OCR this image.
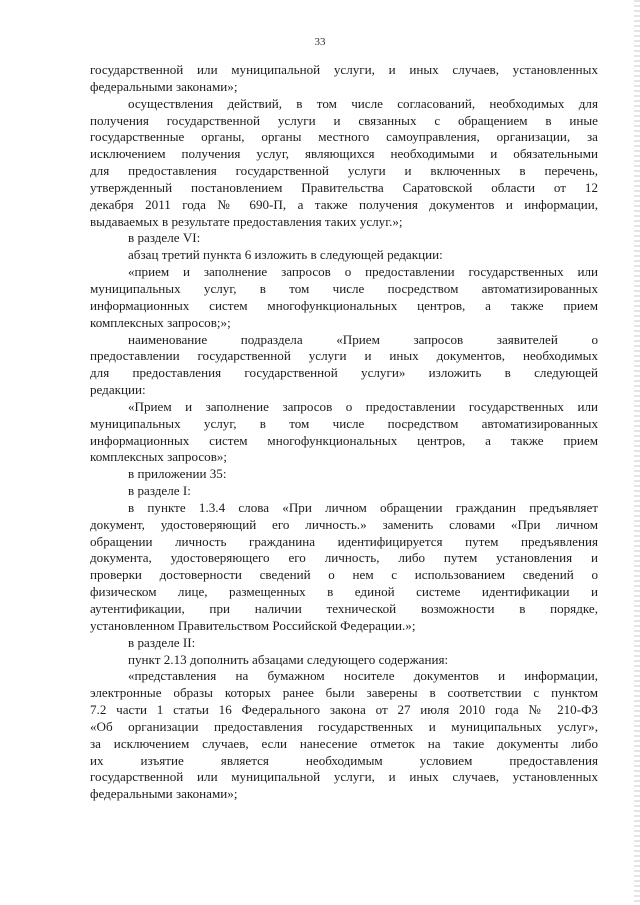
33
государственной или муниципальной услуги, и иных случаев, установленных
федеральными законами»;
осуществления действий, в том числе согласований, необходимых для
получения государственной услуги и связанных с обращением в иные
государственные органы, органы местного самоуправления, организации, за
исключением получения услуг, являющихся необходимыми и обязательными
для предоставления государственной услуги и включенных в перечень,
утвержденный постановлением Правительства Саратовской области от 12
декабря 2011 года № 690-П, а также получения документов и информации,
выдаваемых в результате предоставления таких услуг.»;
в разделе VI:
абзац третий пункта 6 изложить в следующей редакции:
«прием и заполнение запросов о предоставлении государственных или
муниципальных услуг, в том числе посредством автоматизированных
информационных систем многофункциональных центров, а также прием
комплексных запросов;»;
наименование подраздела «Прием запросов заявителей о
предоставлении государственной услуги и иных документов, необходимых
для предоставления государственной услуги» изложить в следующей
редакции:
«Прием и заполнение запросов о предоставлении государственных или
муниципальных услуг, в том числе посредством автоматизированных
информационных систем многофункциональных центров, а также прием
комплексных запросов»;
в приложении 35:
в разделе I:
в пункте 1.3.4 слова «При личном обращении гражданин предъявляет
документ, удостоверяющий его личность.» заменить словами «При личном
обращении личность гражданина идентифицируется путем предъявления
документа, удостоверяющего его личность, либо путем установления и
проверки достоверности сведений о нем с использованием сведений о
физическом лице, размещенных в единой системе идентификации и
аутентификации, при наличии технической возможности в порядке,
установленном Правительством Российской Федерации.»;
в разделе II:
пункт 2.13 дополнить абзацами следующего содержания:
«представления на бумажном носителе документов и информации,
электронные образы которых ранее были заверены в соответствии с пунктом
7.2 части 1 статьи 16 Федерального закона от 27 июля 2010 года № 210-ФЗ
«Об организации предоставления государственных и муниципальных услуг»,
за исключением случаев, если нанесение отметок на такие документы либо
их изъятие является необходимым условием предоставления
государственной или муниципальной услуги, и иных случаев, установленных
федеральными законами»;
